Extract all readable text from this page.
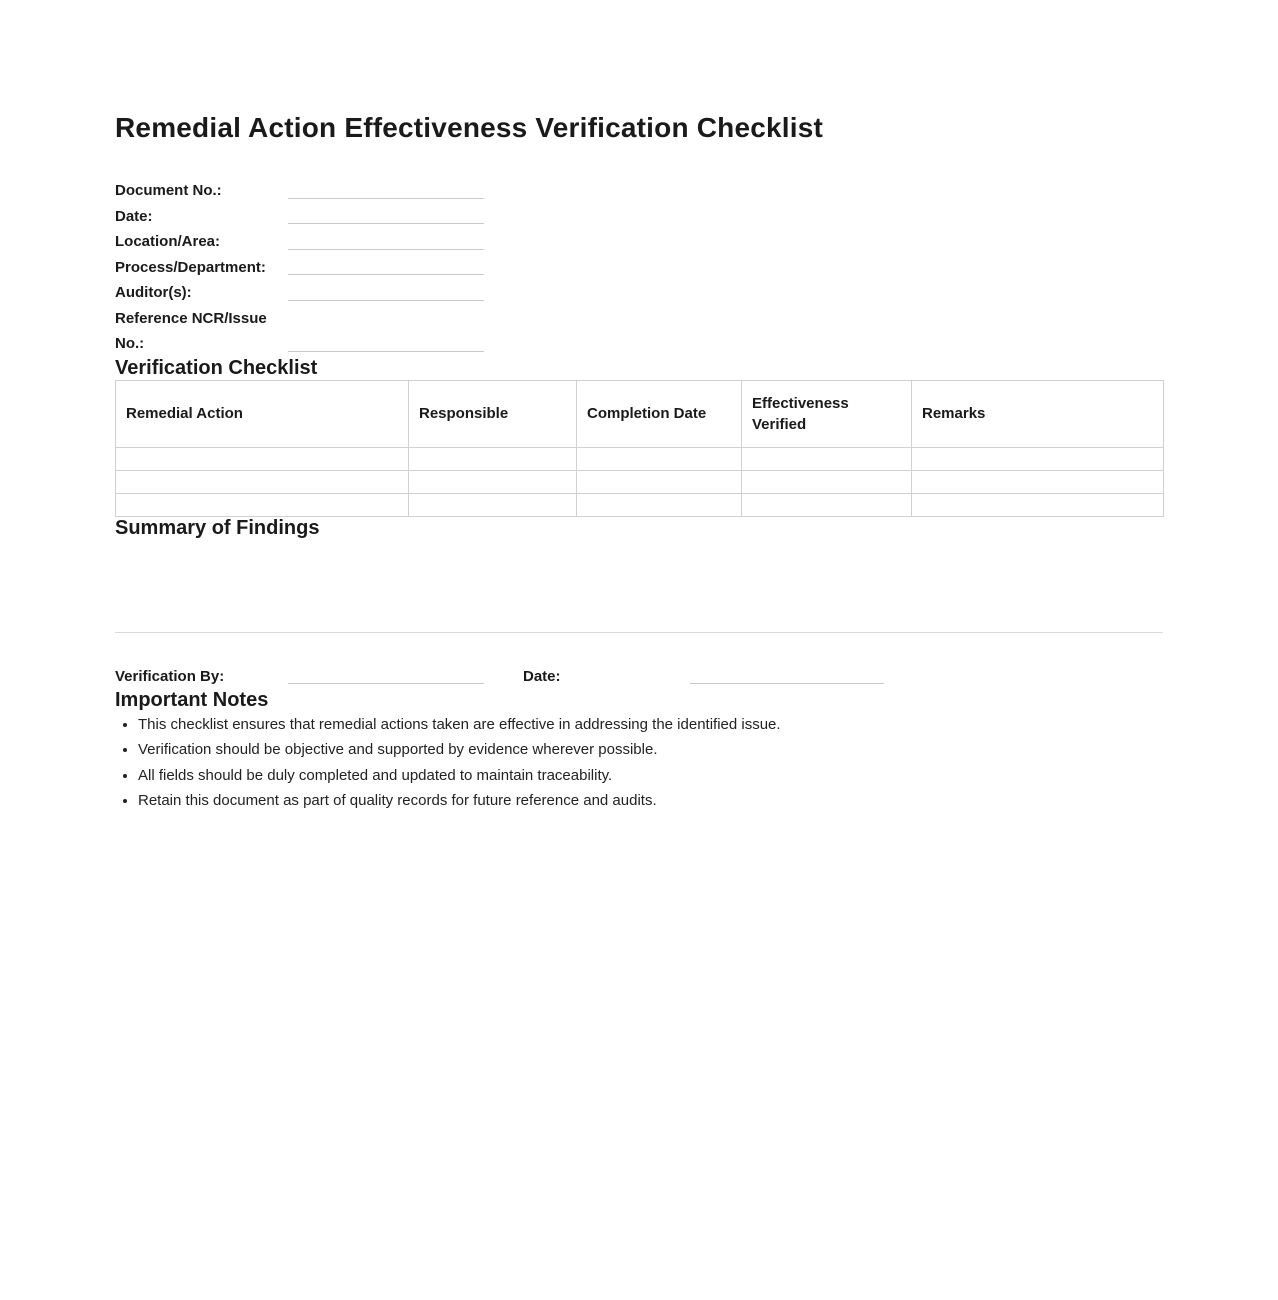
Remedial Action Effectiveness Verification Checklist
Document No.:
Date:
Location/Area:
Process/Department:
Auditor(s):
Reference NCR/Issue No.:
Verification Checklist
Remedial Action	Responsible	Completion Date	Effectiveness Verified	Remarks

Summary of Findings
Verification By:	Date:
Important Notes
• This checklist ensures that remedial actions taken are effective in addressing the identified issue.
• Verification should be objective and supported by evidence wherever possible.
• All fields should be duly completed and updated to maintain traceability.
• Retain this document as part of quality records for future reference and audits.
